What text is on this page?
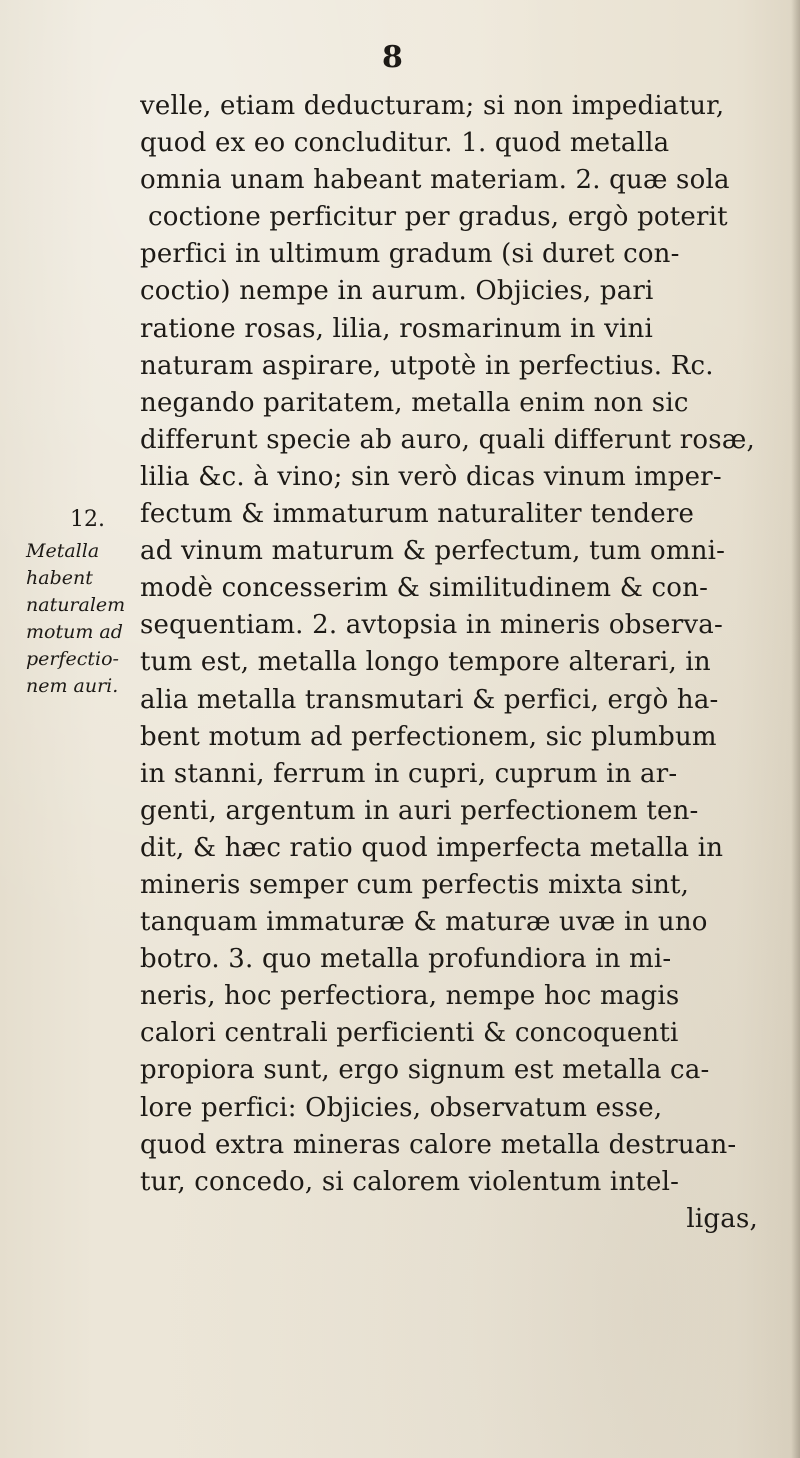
8
velle, etiam deducturam; si non impediatur,
quod ex eo concluditur. 1. quod metalla
omnia unam habeant materiam. 2. quæ sola
coctione perficitur per gradus, ergò poterit
perfici in ultimum gradum (si duret con-
coctio) nempe in aurum. Objicies, pari
ratione rosas, lilia, rosmarinum in vini
naturam aspirare, utpotè in perfectius. Rc.
negando paritatem, metalla enim non sic
differunt specie ab auro, quali differunt rosæ,
lilia &c. à vino; sin verò dicas vinum imper-
fectum & immaturum naturaliter tendere
ad vinum maturum & perfectum, tum omni-
modè concesserim & similitudinem & con-
sequentiam. 2. avtopsia in mineris observa-
tum est, metalla longo tempore alterari, in
alia metalla transmutari & perfici, ergò ha-
bent motum ad perfectionem, sic plumbum
in stanni, ferrum in cupri, cuprum in ar-
genti, argentum in auri perfectionem ten-
dit, & hæc ratio quod imperfecta metalla in
mineris semper cum perfectis mixta sint,
tanquam immaturæ & maturæ uvæ in uno
botro. 3. quo metalla profundiora in mi-
neris, hoc perfectiora, nempe hoc magis
calori centrali perficienti & concoquenti
propiora sunt, ergo signum est metalla ca-
lore perfici: Objicies, observatum esse,
quod extra mineras calore metalla destruan-
tur, concedo, si calorem violentum intel-
ligas,
12.
Metalla
habent
naturalem
motum ad
perfectio-
nem auri.
